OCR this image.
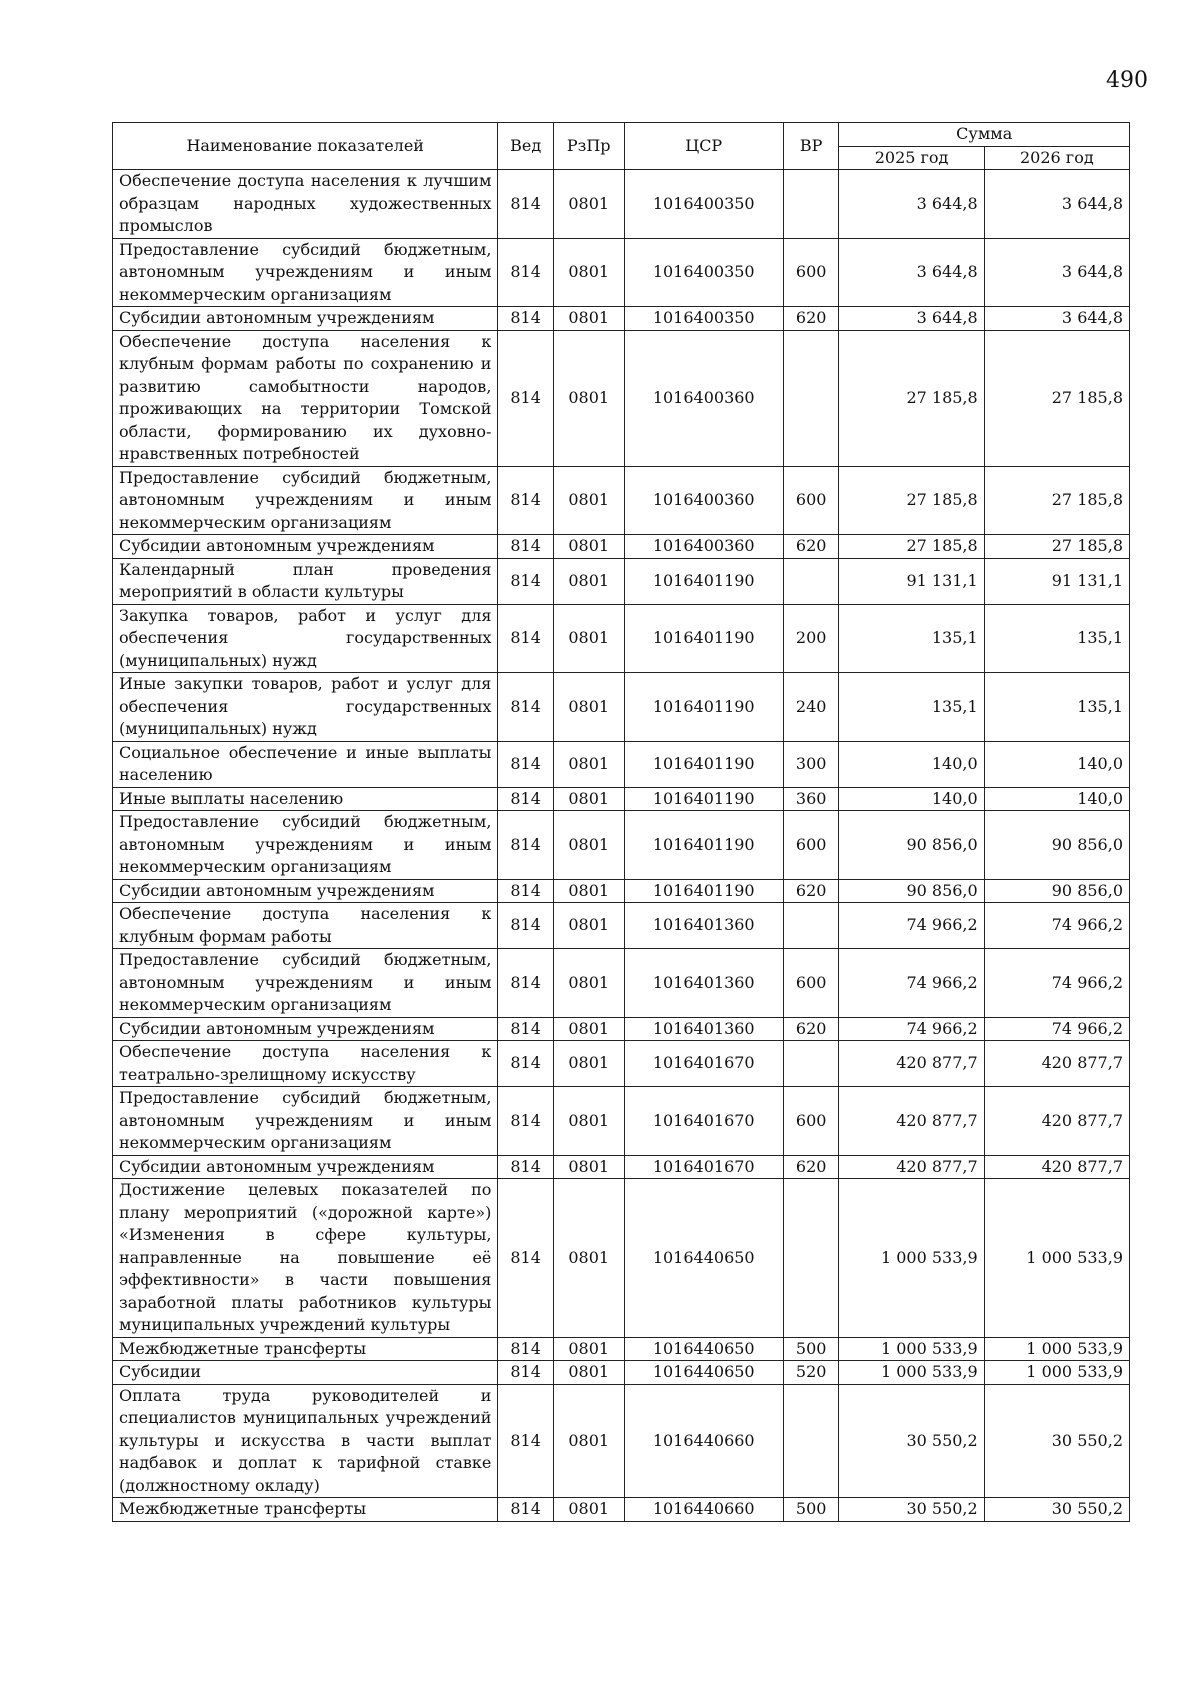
490
Наименование показателей	Вед	РзПр	ЦСР	ВР	Сумма	
					2025 год	2026 год
Обеспечение доступа населения к лучшим образцам народных художественных промыслов	814	0801	1016400350		3 644,8	3 644,8
Предоставление субсидий бюджетным, автономным учреждениям и иным некоммерческим организациям	814	0801	1016400350	600	3 644,8	3 644,8
Субсидии автономным учреждениям	814	0801	1016400350	620	3 644,8	3 644,8
Обеспечение доступа населения к клубным формам работы по сохранению и развитию самобытности народов, проживающих на территории Томской области, формированию их духовно-нравственных потребностей	814	0801	1016400360		27 185,8	27 185,8
Предоставление субсидий бюджетным, автономным учреждениям и иным некоммерческим организациям	814	0801	1016400360	600	27 185,8	27 185,8
Субсидии автономным учреждениям	814	0801	1016400360	620	27 185,8	27 185,8
Календарный план проведения мероприятий в области культуры	814	0801	1016401190		91 131,1	91 131,1
Закупка товаров, работ и услуг для обеспечения государственных (муниципальных) нужд	814	0801	1016401190	200	135,1	135,1
Иные закупки товаров, работ и услуг для обеспечения государственных (муниципальных) нужд	814	0801	1016401190	240	135,1	135,1
Социальное обеспечение и иные выплаты населению	814	0801	1016401190	300	140,0	140,0
Иные выплаты населению	814	0801	1016401190	360	140,0	140,0
Предоставление субсидий бюджетным, автономным учреждениям и иным некоммерческим организациям	814	0801	1016401190	600	90 856,0	90 856,0
Субсидии автономным учреждениям	814	0801	1016401190	620	90 856,0	90 856,0
Обеспечение доступа населения к клубным формам работы	814	0801	1016401360		74 966,2	74 966,2
Предоставление субсидий бюджетным, автономным учреждениям и иным некоммерческим организациям	814	0801	1016401360	600	74 966,2	74 966,2
Субсидии автономным учреждениям	814	0801	1016401360	620	74 966,2	74 966,2
Обеспечение доступа населения к театрально-зрелищному искусству	814	0801	1016401670		420 877,7	420 877,7
Предоставление субсидий бюджетным, автономным учреждениям и иным некоммерческим организациям	814	0801	1016401670	600	420 877,7	420 877,7
Субсидии автономным учреждениям	814	0801	1016401670	620	420 877,7	420 877,7
Достижение целевых показателей по плану мероприятий («дорожной карте») «Изменения в сфере культуры, направленные на повышение её эффективности» в части повышения заработной платы работников культуры муниципальных учреждений культуры	814	0801	1016440650		1 000 533,9	1 000 533,9
Межбюджетные трансферты	814	0801	1016440650	500	1 000 533,9	1 000 533,9
Субсидии	814	0801	1016440650	520	1 000 533,9	1 000 533,9
Оплата труда руководителей и специалистов муниципальных учреждений культуры и искусства в части выплат надбавок и доплат к тарифной ставке (должностному окладу)	814	0801	1016440660		30 550,2	30 550,2
Межбюджетные трансферты	814	0801	1016440660	500	30 550,2	30 550,2
